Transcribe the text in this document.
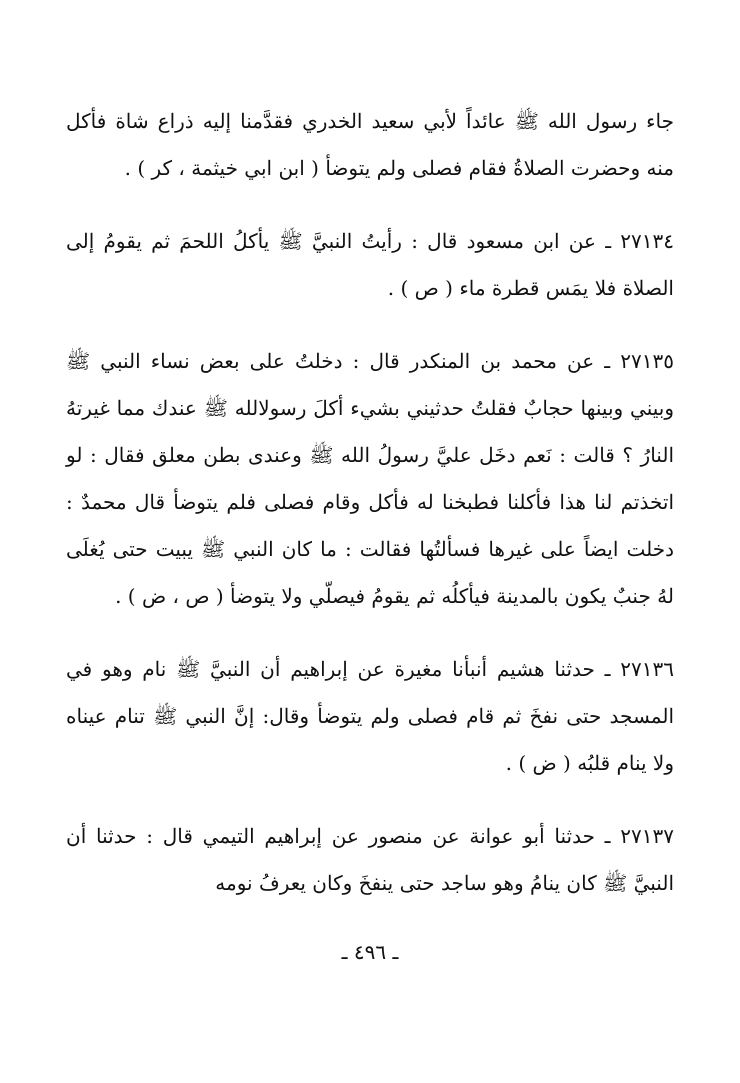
جاء رسول الله ﷺ عائداً لأبي سعيد الخدري فقدَّمنا إليه ذراع شاة فأكل منه وحضرت الصلاةُ فقام فصلى ولم يتوضأ ( ابن ابي خيثمة ، كر ) .

٢٧١٣٤ ـ عن ابن مسعود قال : رأيتُ النبيَّ ﷺ يأكلُ اللحمَ ثم يقومُ إلى الصلاة فلا يمَس قطرة ماء ( ص ) .

٢٧١٣٥ ـ عن محمد بن المنكدر قال : دخلتُ على بعض نساء النبي ﷺ وبيني وبينها حجابٌ فقلتُ حدثيني بشيء أكلَ رسولالله ﷺ عندك مما غيرتهُ النارُ ؟ قالت : نَعم دخَل عليَّ رسولُ الله ﷺ وعندى بطن معلق فقال : لو اتخذتم لنا هذا فأكلنا فطبخنا له فأكل وقام فصلى فلم يتوضأ قال محمدٌ : دخلت ايضاً على غيرها فسألتُها فقالت : ما كان النبي ﷺ يبيت حتى يُغلَى لهُ جنبٌ يكون بالمدينة فيأكلُه ثم يقومُ فيصلّي ولا يتوضأ ( ص ، ض ) .

٢٧١٣٦ ـ حدثنا هشيم أنبأنا مغيرة عن إبراهيم أن النبيَّ ﷺ نام وهو في المسجد حتى نفخَ ثم قام فصلى ولم يتوضأ وقال: إنَّ النبي ﷺ تنام عيناه ولا ينام قلبُه ( ض ) .

٢٧١٣٧ ـ حدثنا أبو عوانة عن منصور عن إبراهيم التيمي قال : حدثنا أن النبيَّ ﷺ كان ينامُ وهو ساجد حتى ينفخَ وكان يعرفُ نومه

ـ ٤٩٦ ـ
